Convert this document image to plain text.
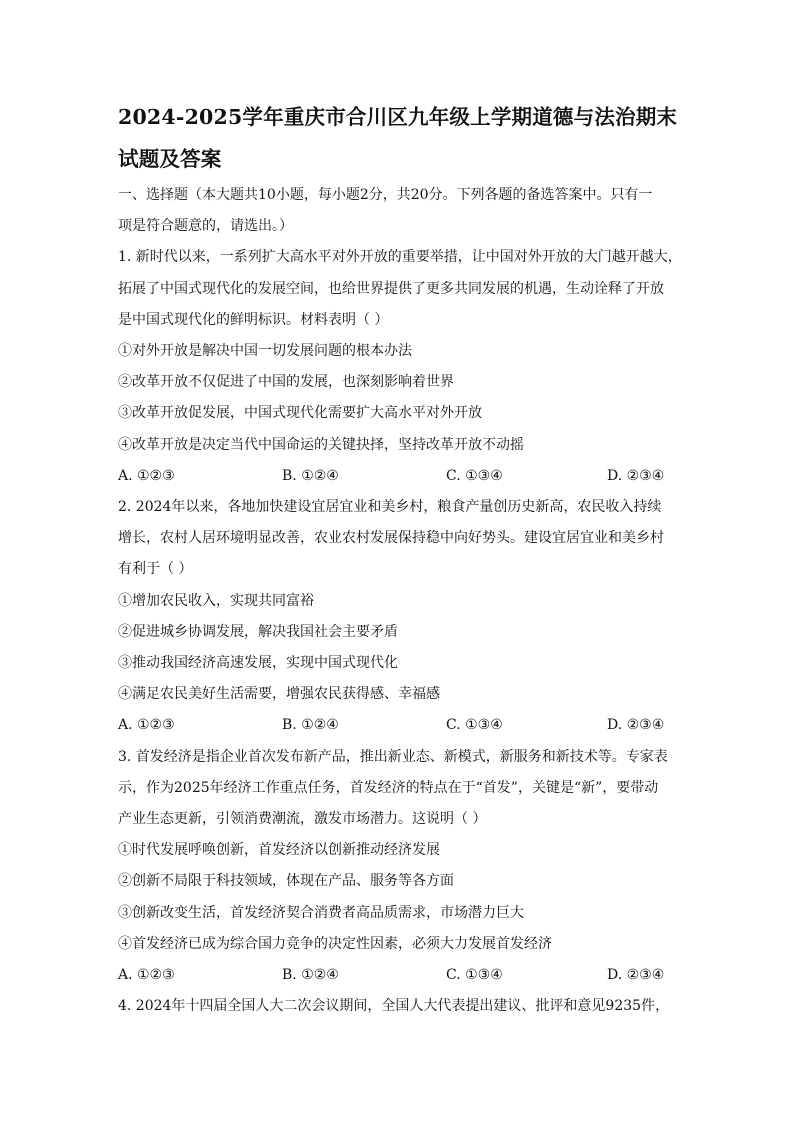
2024-2025学年重庆市合川区九年级上学期道德与法治期末
试题及答案
一、选择题（本大题共10小题，每小题2分，共20分。下列各题的备选答案中。只有一
项是符合题意的，请选出。）
1. 新时代以来，一系列扩大高水平对外开放的重要举措，让中国对外开放的大门越开越大，
拓展了中国式现代化的发展空间，也给世界提供了更多共同发展的机遇，生动诠释了开放
是中国式现代化的鲜明标识。材料表明（ ）
①对外开放是解决中国一切发展问题的根本办法
②改革开放不仅促进了中国的发展，也深刻影响着世界
③改革开放促发展，中国式现代化需要扩大高水平对外开放
④改革开放是决定当代中国命运的关键抉择，坚持改革开放不动摇
A. ①②③	B. ①②④	C. ①③④	D. ②③④
2. 2024年以来，各地加快建设宜居宜业和美乡村，粮食产量创历史新高，农民收入持续
增长，农村人居环境明显改善，农业农村发展保持稳中向好势头。建设宜居宜业和美乡村
有利于（ ）
①增加农民收入，实现共同富裕
②促进城乡协调发展，解决我国社会主要矛盾
③推动我国经济高速发展，实现中国式现代化
④满足农民美好生活需要，增强农民获得感、幸福感
A. ①②③	B. ①②④	C. ①③④	D. ②③④
3. 首发经济是指企业首次发布新产品，推出新业态、新模式，新服务和新技术等。专家表
示，作为2025年经济工作重点任务，首发经济的特点在于“首发”，关键是“新”，要带动
产业生态更新，引领消费潮流，激发市场潜力。这说明（ ）
①时代发展呼唤创新，首发经济以创新推动经济发展
②创新不局限于科技领域，体现在产品、服务等各方面
③创新改变生活，首发经济契合消费者高品质需求，市场潜力巨大
④首发经济已成为综合国力竞争的决定性因素，必须大力发展首发经济
A. ①②③	B. ①②④	C. ①③④	D. ②③④
4. 2024年十四届全国人大二次会议期间，全国人大代表提出建议、批评和意见9235件，
